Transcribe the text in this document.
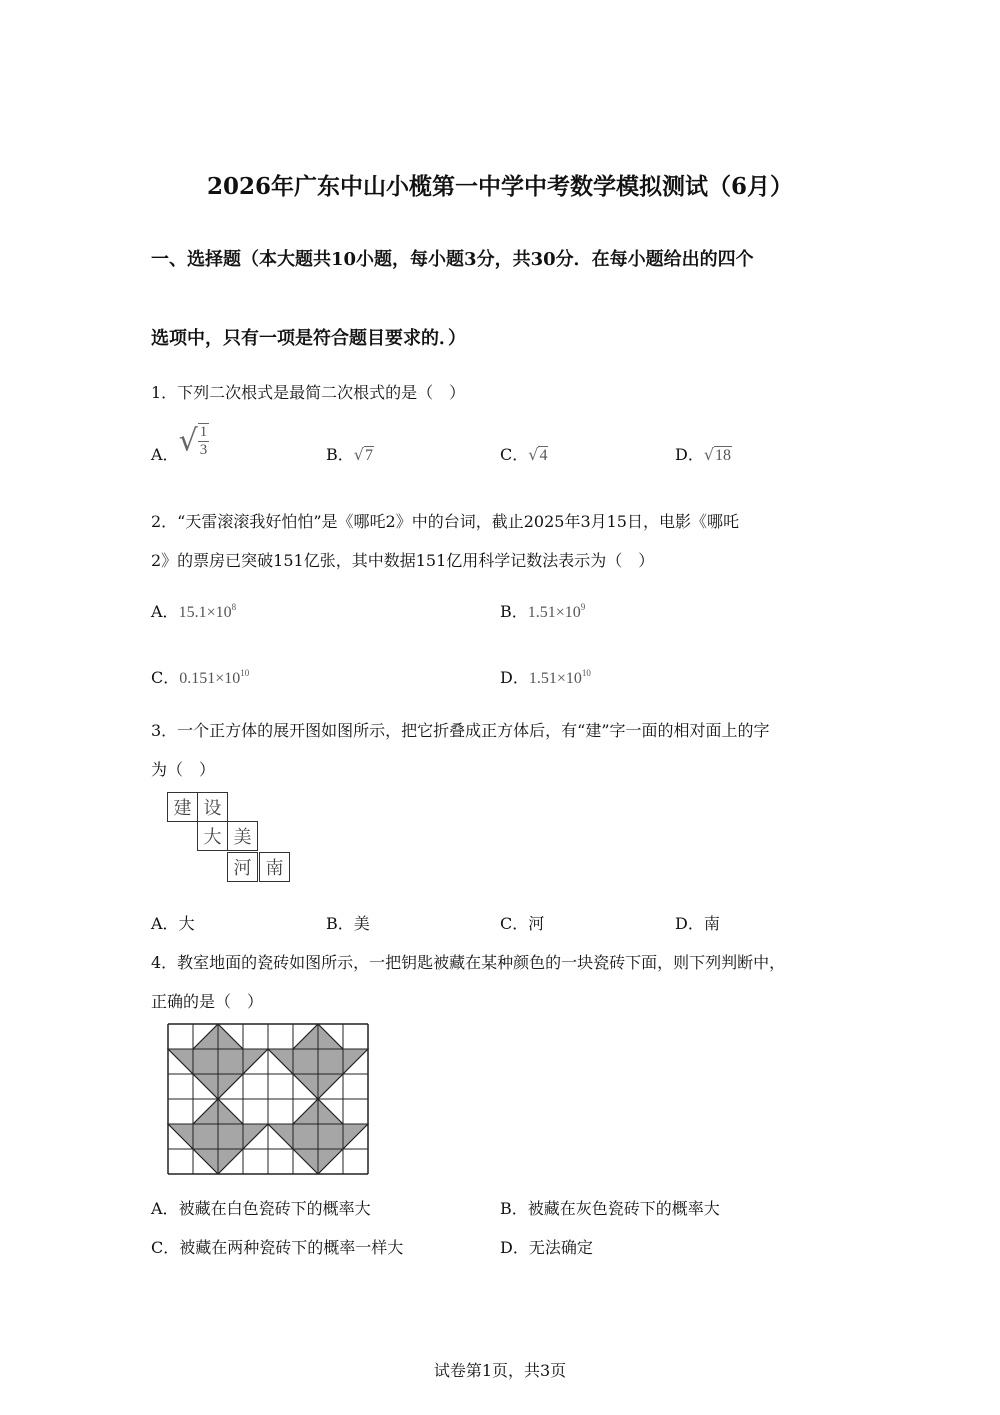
2026年广东中山小榄第一中学中考数学模拟测试（6月）
一、选择题（本大题共10小题，每小题3分，共30分．在每小题给出的四个
选项中，只有一项是符合题目要求的．）
1．下列二次根式是最简二次根式的是（　）
A．√ $\frac{1}{3}$	B．√7	C．√4	D．√18
2．“天雷滚滚我好怕怕”是《哪吒2》中的台词，截止2025年3月15日，电影《哪吒
2》的票房已突破151亿张，其中数据151亿用科学记数法表示为（　）
A．$15.1\times 10^8$	B．$1.51\times 10^9$
C．$0.151\times 10^{10}$	D．$1.51\times 10^{10}$
3．一个正方体的展开图如图所示，把它折叠成正方体后，有“建”字一面的相对面上的字
为（　）
建 设
大 美
河 南
A．大	B．美	C．河	D．南
4．教室地面的瓷砖如图所示，一把钥匙被藏在某种颜色的一块瓷砖下面，则下列判断中，
正确的是（　）
A．被藏在白色瓷砖下的概率大	B．被藏在灰色瓷砖下的概率大
C．被藏在两种瓷砖下的概率一样大	D．无法确定
试卷第1页，共3页
